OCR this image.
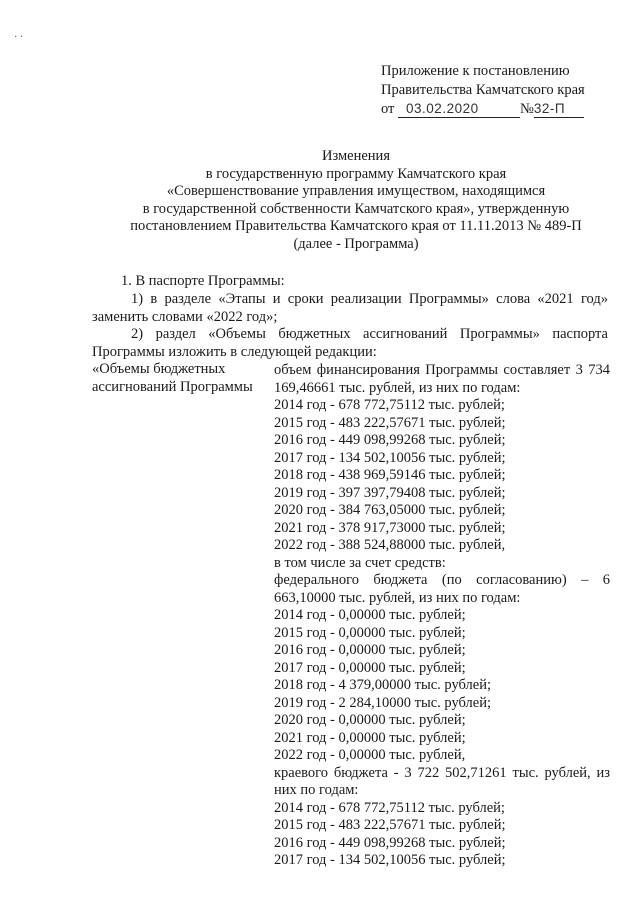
· ·
Приложение к постановлению
Правительства Камчатского края
от 03.02.2020	№32-П
Изменения
в государственную программу Камчатского края
«Совершенствование управления имуществом, находящимся
в государственной собственности Камчатского края», утвержденную
постановлением Правительства Камчатского края от 11.11.2013 № 489-П
(далее - Программа)
1. В паспорте Программы:
1) в разделе «Этапы и сроки реализации Программы» слова «2021 год» заменить словами «2022 год»;
2) раздел «Объемы бюджетных ассигнований Программы» паспорта Программы изложить в следующей редакции:
«Объемы бюджетных ассигнований Программы
объем финансирования Программы составляет 3 734 169,46661 тыс. рублей, из них по годам:
2014 год - 678 772,75112 тыс. рублей;
2015 год - 483 222,57671 тыс. рублей;
2016 год - 449 098,99268 тыс. рублей;
2017 год - 134 502,10056 тыс. рублей;
2018 год - 438 969,59146 тыс. рублей;
2019 год - 397 397,79408 тыс. рублей;
2020 год - 384 763,05000 тыс. рублей;
2021 год - 378 917,73000 тыс. рублей;
2022 год - 388 524,88000 тыс. рублей,
в том числе за счет средств:
федерального бюджета (по согласованию) – 6 663,10000 тыс. рублей, из них по годам:
2014 год - 0,00000 тыс. рублей;
2015 год - 0,00000 тыс. рублей;
2016 год - 0,00000 тыс. рублей;
2017 год - 0,00000 тыс. рублей;
2018 год - 4 379,00000 тыс. рублей;
2019 год - 2 284,10000 тыс. рублей;
2020 год - 0,00000 тыс. рублей;
2021 год - 0,00000 тыс. рублей;
2022 год - 0,00000 тыс. рублей,
краевого бюджета - 3 722 502,71261 тыс. рублей, из них по годам:
2014 год - 678 772,75112 тыс. рублей;
2015 год - 483 222,57671 тыс. рублей;
2016 год - 449 098,99268 тыс. рублей;
2017 год - 134 502,10056 тыс. рублей;
